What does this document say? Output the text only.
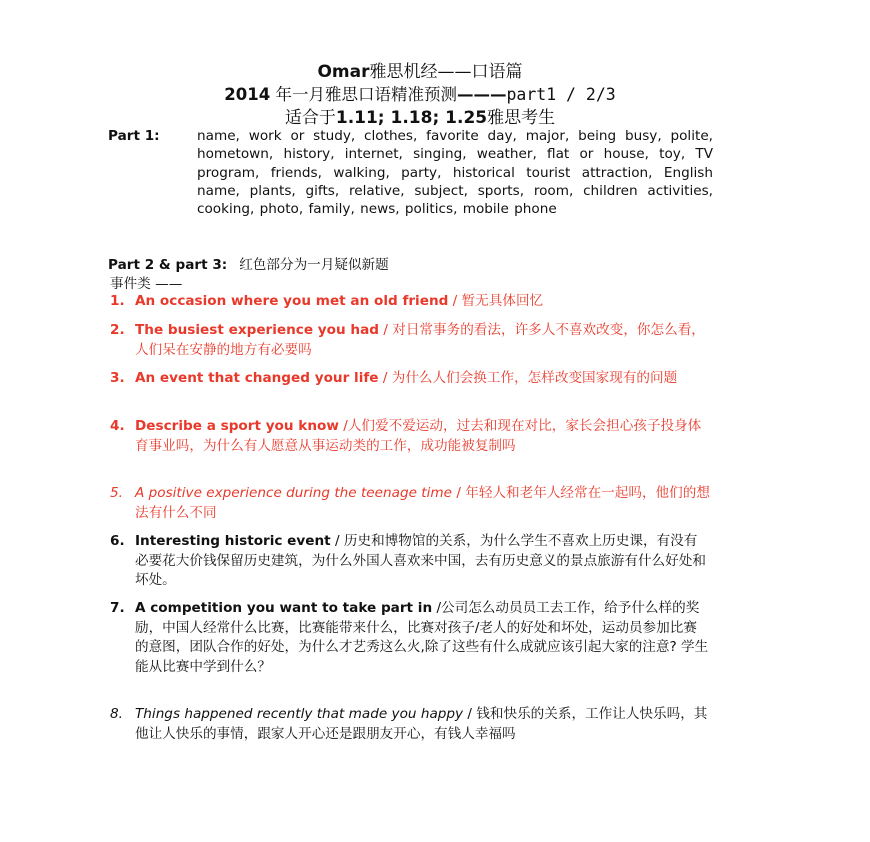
Omar雅思机经——口语篇
2014 年一月雅思口语精准预测———part1 / 2/3
适合于1.11; 1.18; 1.25雅思考生
Part 1:	name, work or study, clothes, favorite day, major, being busy, polite, hometown, history, internet, singing, weather, flat or house, toy, TV program, friends, walking, party, historical tourist attraction, English name, plants, gifts, relative, subject, sports, room, children activities, cooking, photo, family, news, politics, mobile phone
Part 2 & part 3: 红色部分为一月疑似新题
事件类 ——
1. An occasion where you met an old friend / 暂无具体回忆
2. The busiest experience you had / 对日常事务的看法，许多人不喜欢改变，你怎么看，人们呆在安静的地方有必要吗
3. An event that changed your life / 为什么人们会换工作，怎样改变国家现有的问题
4. Describe a sport you know /人们爱不爱运动，过去和现在对比，家长会担心孩子投身体育事业吗，为什么有人愿意从事运动类的工作，成功能被复制吗
5. A positive experience during the teenage time / 年轻人和老年人经常在一起吗，他们的想法有什么不同
6. Interesting historic event / 历史和博物馆的关系，为什么学生不喜欢上历史课，有没有必要花大价钱保留历史建筑，为什么外国人喜欢来中国，去有历史意义的景点旅游有什么好处和坏处。
7. A competition you want to take part in /公司怎么动员员工去工作，给予什么样的奖励，中国人经常什么比赛，比赛能带来什么，比赛对孩子/老人的好处和坏处，运动员参加比赛的意图，团队合作的好处，为什么才艺秀这么火,除了这些有什么成就应该引起大家的注意? 学生能从比赛中学到什么？
8. Things happened recently that made you happy / 钱和快乐的关系，工作让人快乐吗，其他让人快乐的事情，跟家人开心还是跟朋友开心，有钱人幸福吗
